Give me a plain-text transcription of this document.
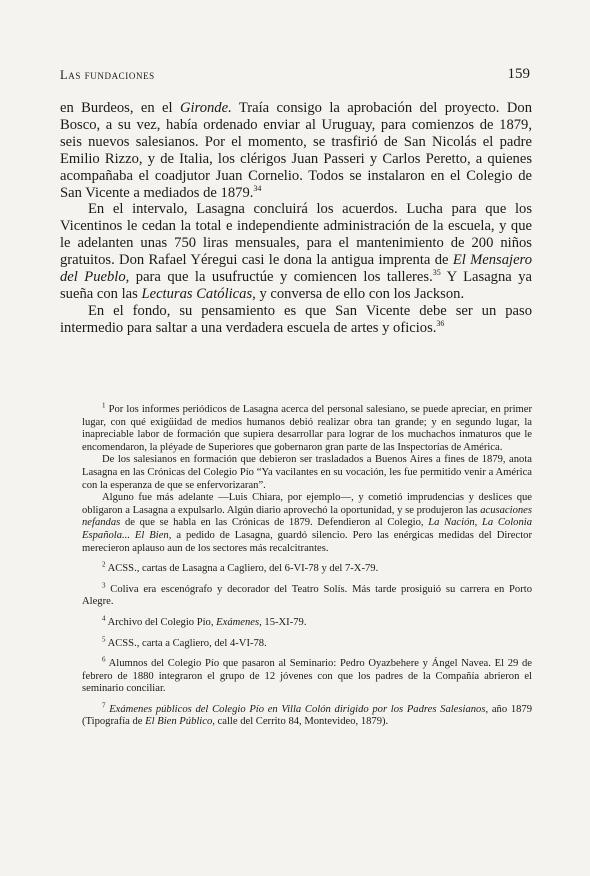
Las fundaciones	159

en Burdeos, en el Gironde. Traía consigo la aprobación del proyecto. Don Bosco, a su vez, había ordenado enviar al Uruguay, para comienzos de 1879, seis nuevos salesianos. Por el momento, se trasfirió de San Nicolás el padre Emilio Rizzo, y de Italia, los clérigos Juan Passeri y Carlos Peretto, a quienes acompañaba el coadjutor Juan Cornelio. Todos se instalaron en el Colegio de San Vicente a mediados de 1879.34

En el intervalo, Lasagna concluirá los acuerdos. Lucha para que los Vicentinos le cedan la total e independiente administración de la escuela, y que le adelanten unas 750 liras mensuales, para el mantenimiento de 200 niños gratuitos. Don Rafael Yéregui casi le dona la antigua imprenta de El Mensajero del Pueblo, para que la usufructúe y comiencen los talleres.$^{35}$ Y Lasagna ya sueña con las Lecturas Católicas, y conversa de ello con los Jackson.

En el fondo, su pensamiento es que San Vicente debe ser un paso intermedio para saltar a una verdadera escuela de artes y oficios.$^{36}$

$^1$ Por los informes periódicos de Lasagna acerca del personal salesiano, se puede apreciar, en primer lugar, con qué exigüidad de medios humanos debió realizar obra tan grande; y en segundo lugar, la inapreciable labor de formación que supiera desarrollar para lograr de los muchachos inmaturos que le encomendaron, la pléyade de Superiores que gobernaron gran parte de las Inspectorías de América.
De los salesianos en formación que debieron ser trasladados a Buenos Aires a fines de 1879, anota Lasagna en las Crónicas del Colegio Pío “Ya vacilantes en su vocación, les fue permitido venir a América con la esperanza de que se enfervorizaran”.
Alguno fue más adelante —Luis Chiara, por ejemplo—, y cometió imprudencias y deslices que obligaron a Lasagna a expulsarlo. Algún diario aprovechó la oportunidad, y se produjeron las acusaciones nefandas de que se habla en las Crónicas de 1879. Defendieron al Colegio, La Nación, La Colonia Española... El Bien, a pedido de Lasagna, guardó silencio. Pero las enérgicas medidas del Director merecieron aplauso aun de los sectores más recalcitrantes.
$^2$ ACSS., cartas de Lasagna a Cagliero, del 6-VI-78 y del 7-X-79.
$^3$ Coliva era escenógrafo y decorador del Teatro Solís. Más tarde prosiguió su carrera en Porto Alegre.
$^4$ Archivo del Colegio Pío, Exámenes, 15-XI-79.
$^5$ ACSS., carta a Cagliero, del 4-VI-78.
$^6$ Alumnos del Colegio Pío que pasaron al Seminario: Pedro Oyazbehere y Ángel Navea. El 29 de febrero de 1880 integraron el grupo de 12 jóvenes con que los padres de la Compañía abrieron el seminario conciliar.
$^7$ Exámenes públicos del Colegio Pío en Villa Colón dirigido por los Padres Salesianos, año 1879 (Tipografía de El Bien Público, calle del Cerrito 84, Montevideo, 1879).
